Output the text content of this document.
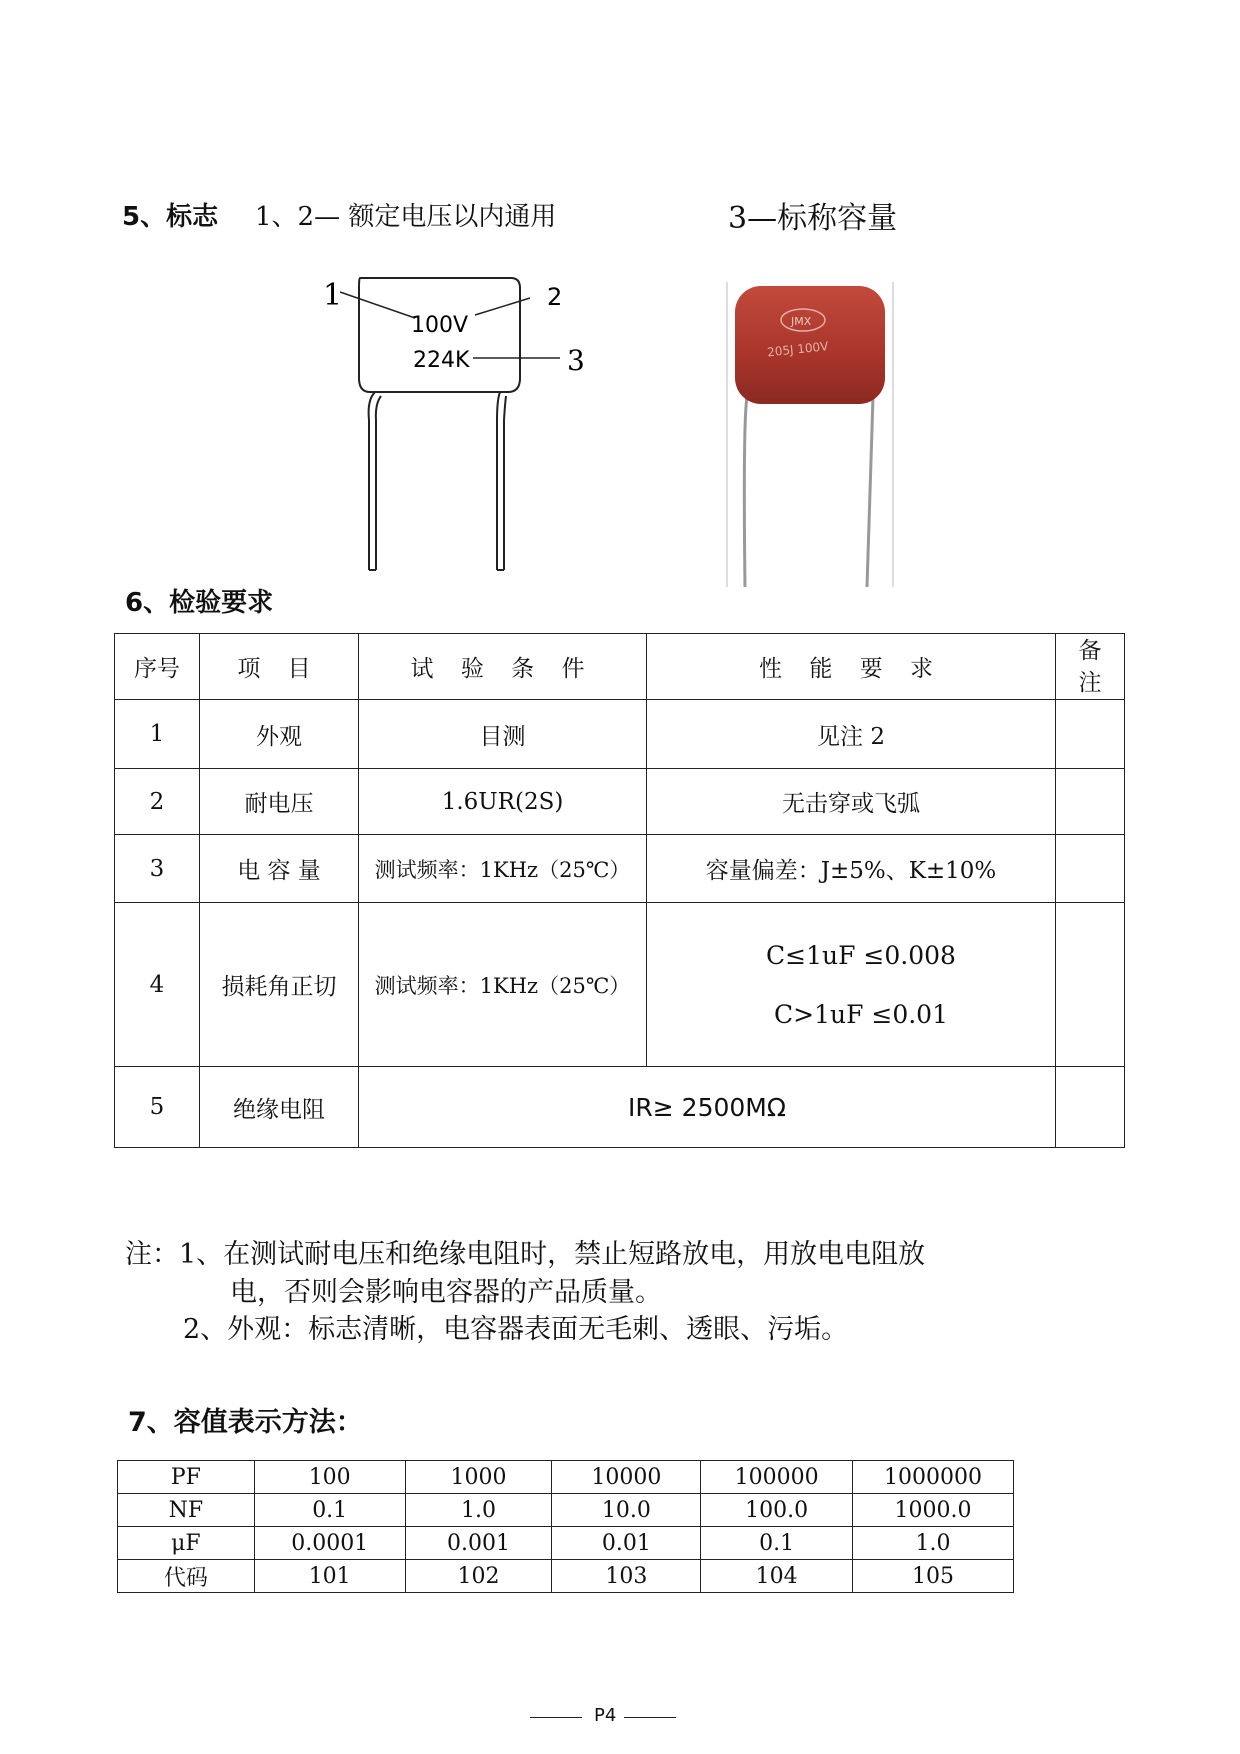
5、标志 1、2— 额定电压以内通用	3—标称容量
1	2
3
100V
224K
JMX
205J 100V
6、检验要求
序号	项 目	试 验 条 件	性 能 要 求	备
注

1	外观	目测	见注 2	
2	耐电压	1.6UR(2S)	无击穿或飞弧	
3	电 容 量	测试频率：1KHz（25℃）	容量偏差：J±5%、K±10%	
4	损耗角正切	测试频率：1KHz（25℃）	C≤1uF ≤0.008
C>1uF ≤0.01	

5	绝缘电阻	IR≥ 2500MΩ		
注：1、在测试耐电压和绝缘电阻时，禁止短路放电，用放电电阻放
电，否则会影响电容器的产品质量。
2、外观：标志清晰，电容器表面无毛刺、透眼、污垢。
7、容值表示方法：
PF	100	1000	10000	100000	1000000
NF	0.1	1.0	10.0	100.0	1000.0
μF	0.0001	0.001	0.01	0.1	1.0
代码	101	102	103	104	105
P4
